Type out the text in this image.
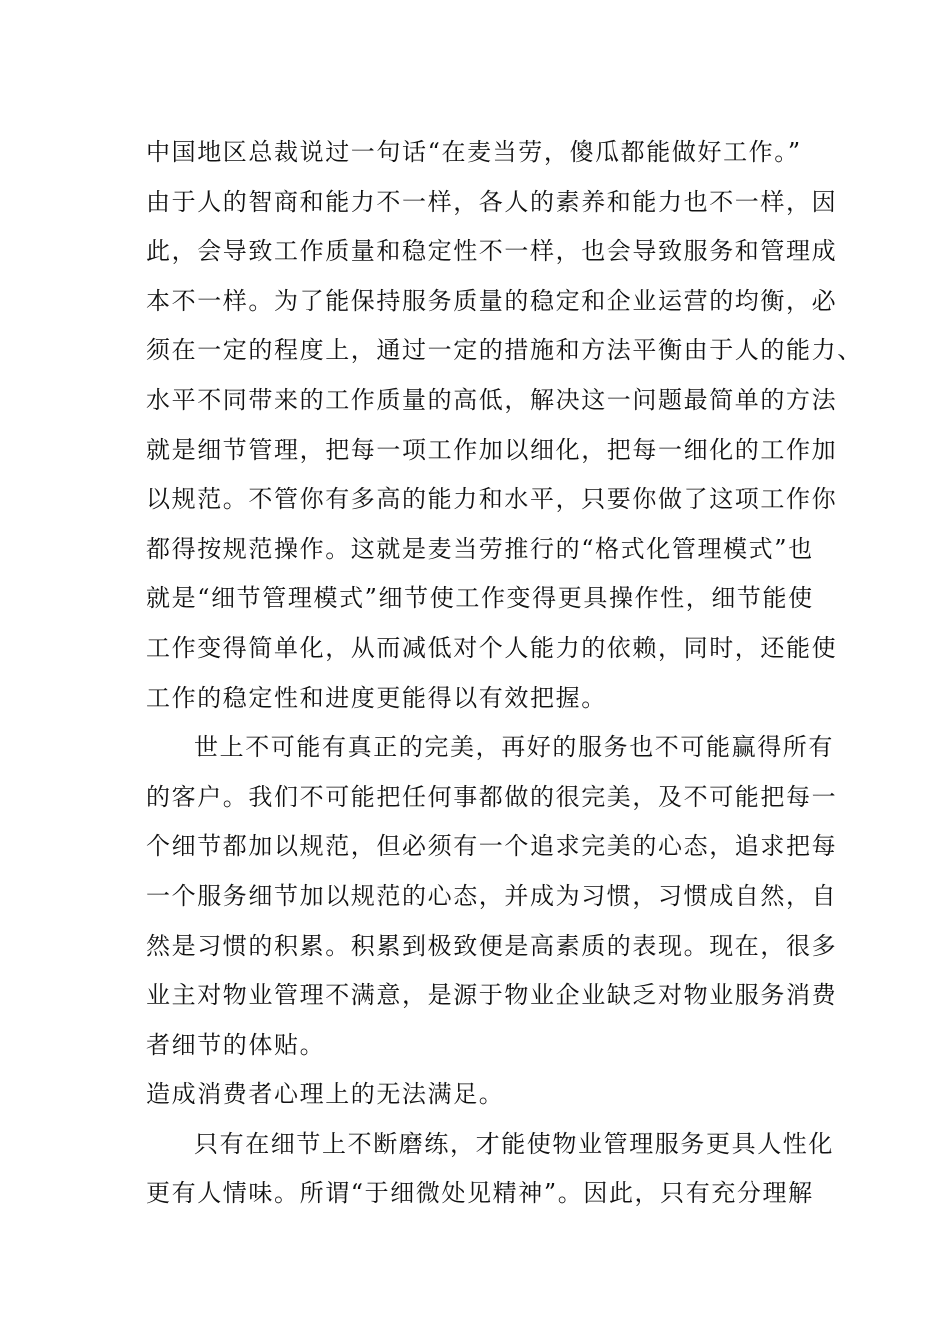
中国地区总裁说过一句话“在麦当劳，傻瓜都能做好工作。”
由于人的智商和能力不一样，各人的素养和能力也不一样，因
此，会导致工作质量和稳定性不一样，也会导致服务和管理成
本不一样。为了能保持服务质量的稳定和企业运营的均衡，必
须在一定的程度上，通过一定的措施和方法平衡由于人的能力、
水平不同带来的工作质量的高低，解决这一问题最简单的方法
就是细节管理，把每一项工作加以细化，把每一细化的工作加
以规范。不管你有多高的能力和水平，只要你做了这项工作你
都得按规范操作。这就是麦当劳推行的“格式化管理模式”也
就是“细节管理模式”细节使工作变得更具操作性，细节能使
工作变得简单化，从而减低对个人能力的依赖，同时，还能使
工作的稳定性和进度更能得以有效把握。
世上不可能有真正的完美，再好的服务也不可能赢得所有
的客户。我们不可能把任何事都做的很完美，及不可能把每一
个细节都加以规范，但必须有一个追求完美的心态，追求把每
一个服务细节加以规范的心态，并成为习惯，习惯成自然，自
然是习惯的积累。积累到极致便是高素质的表现。现在，很多
业主对物业管理不满意，是源于物业企业缺乏对物业服务消费
者细节的体贴。
造成消费者心理上的无法满足。
只有在细节上不断磨练，才能使物业管理服务更具人性化
更有人情味。所谓“于细微处见精神”。因此，只有充分理解
